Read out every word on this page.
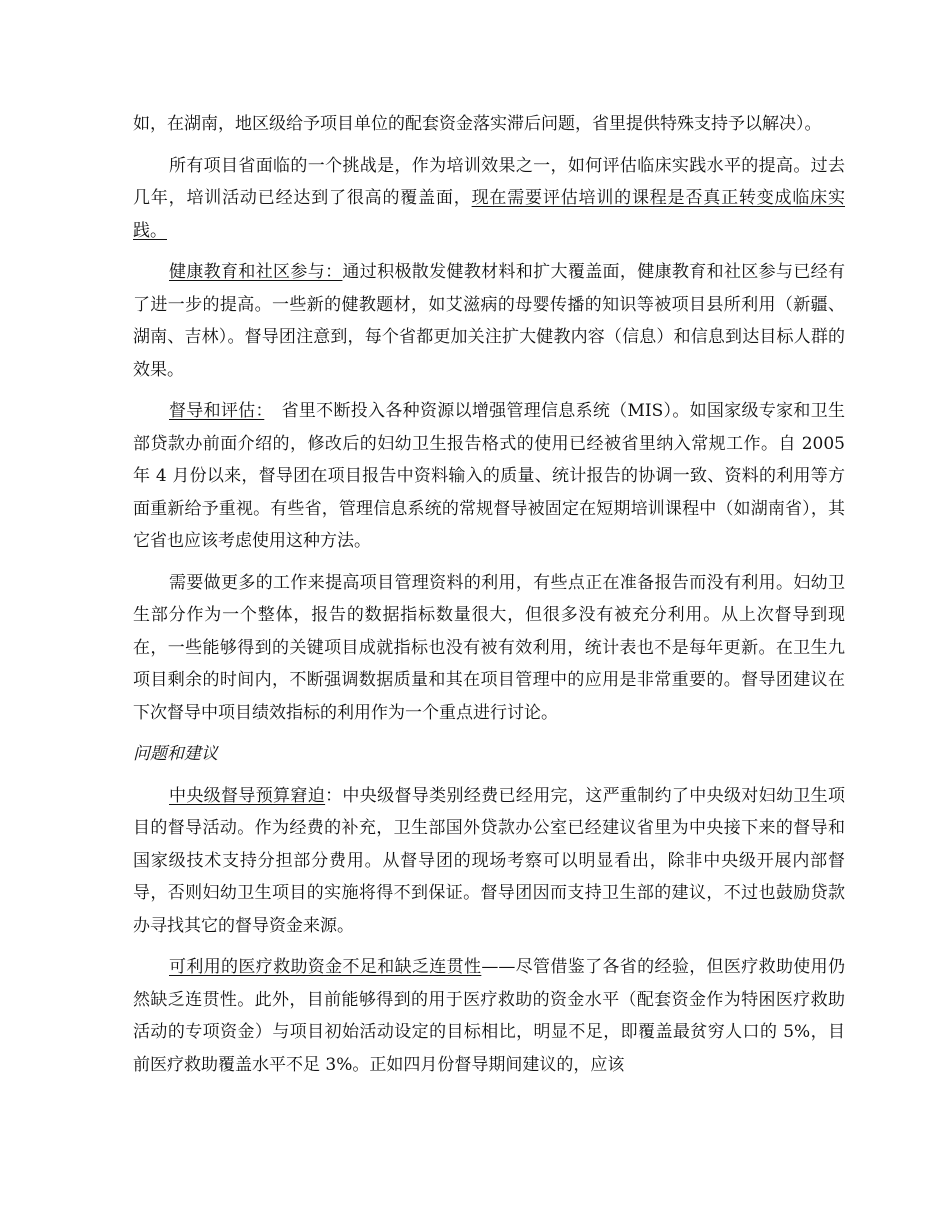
如，在湖南，地区级给予项目单位的配套资金落实滞后问题，省里提供特殊支持予以解决）。

所有项目省面临的一个挑战是，作为培训效果之一，如何评估临床实践水平的提高。过去几年，培训活动已经达到了很高的覆盖面，现在需要评估培训的课程是否真正转变成临床实践。

健康教育和社区参与：通过积极散发健教材料和扩大覆盖面，健康教育和社区参与已经有了进一步的提高。一些新的健教题材，如艾滋病的母婴传播的知识等被项目县所利用（新疆、湖南、吉林）。督导团注意到，每个省都更加关注扩大健教内容（信息）和信息到达目标人群的效果。

督导和评估：　省里不断投入各种资源以增强管理信息系统（MIS）。如国家级专家和卫生部贷款办前面介绍的，修改后的妇幼卫生报告格式的使用已经被省里纳入常规工作。自 2005 年 4 月份以来，督导团在项目报告中资料输入的质量、统计报告的协调一致、资料的利用等方面重新给予重视。有些省，管理信息系统的常规督导被固定在短期培训课程中（如湖南省），其它省也应该考虑使用这种方法。

需要做更多的工作来提高项目管理资料的利用，有些点正在准备报告而没有利用。妇幼卫生部分作为一个整体，报告的数据指标数量很大，但很多没有被充分利用。从上次督导到现在，一些能够得到的关键项目成就指标也没有被有效利用，统计表也不是每年更新。在卫生九项目剩余的时间内，不断强调数据质量和其在项目管理中的应用是非常重要的。督导团建议在下次督导中项目绩效指标的利用作为一个重点进行讨论。

问题和建议

中央级督导预算窘迫：中央级督导类别经费已经用完，这严重制约了中央级对妇幼卫生项目的督导活动。作为经费的补充，卫生部国外贷款办公室已经建议省里为中央接下来的督导和国家级技术支持分担部分费用。从督导团的现场考察可以明显看出，除非中央级开展内部督导，否则妇幼卫生项目的实施将得不到保证。督导团因而支持卫生部的建议，不过也鼓励贷款办寻找其它的督导资金来源。

可利用的医疗救助资金不足和缺乏连贯性——尽管借鉴了各省的经验，但医疗救助使用仍然缺乏连贯性。此外，目前能够得到的用于医疗救助的资金水平（配套资金作为特困医疗救助活动的专项资金）与项目初始活动设定的目标相比，明显不足，即覆盖最贫穷人口的 5%，目前医疗救助覆盖水平不足 3%。正如四月份督导期间建议的，应该
